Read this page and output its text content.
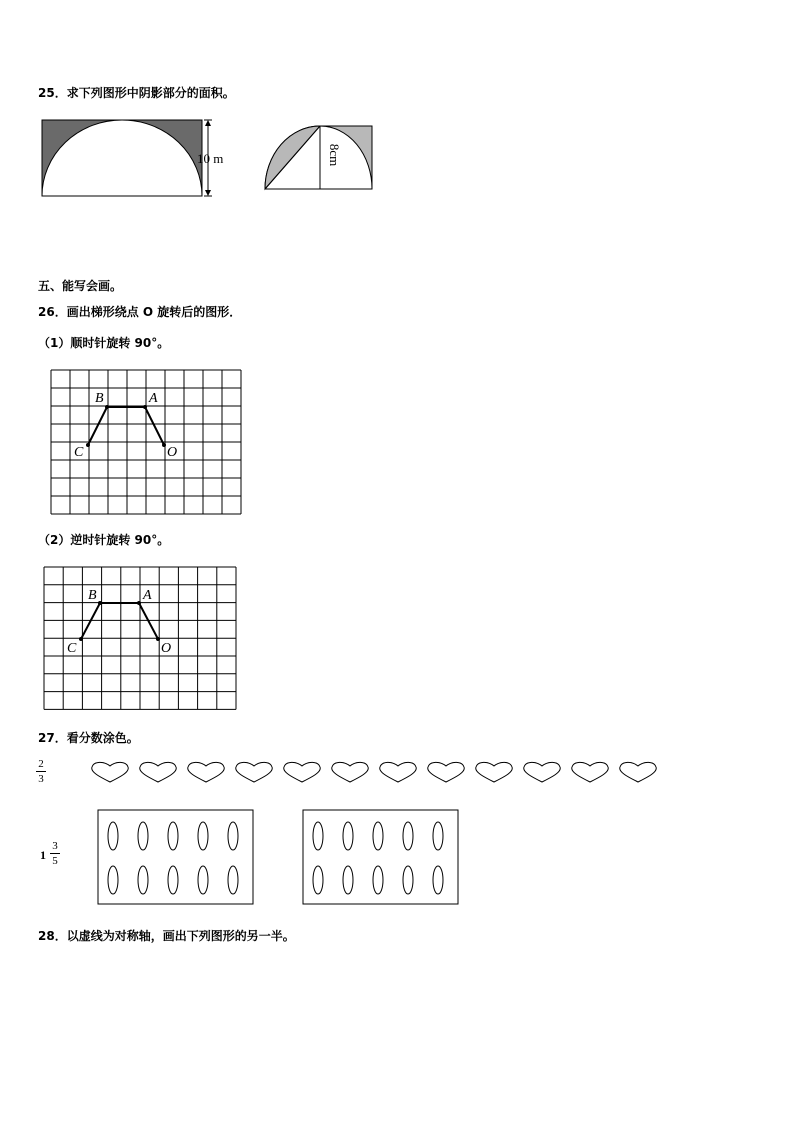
25．求下列图形中阴影部分的面积。
10 m	8cm
五、能写会画。
26．画出梯形绕点 O 旋转后的图形．
（1）顺时针旋转 90°。
B	A
C	O
（2）逆时针旋转 90°。
B	A
C	O
27．看分数涂色。
2
3
1
3
5
28．以虚线为对称轴，画出下列图形的另一半。
